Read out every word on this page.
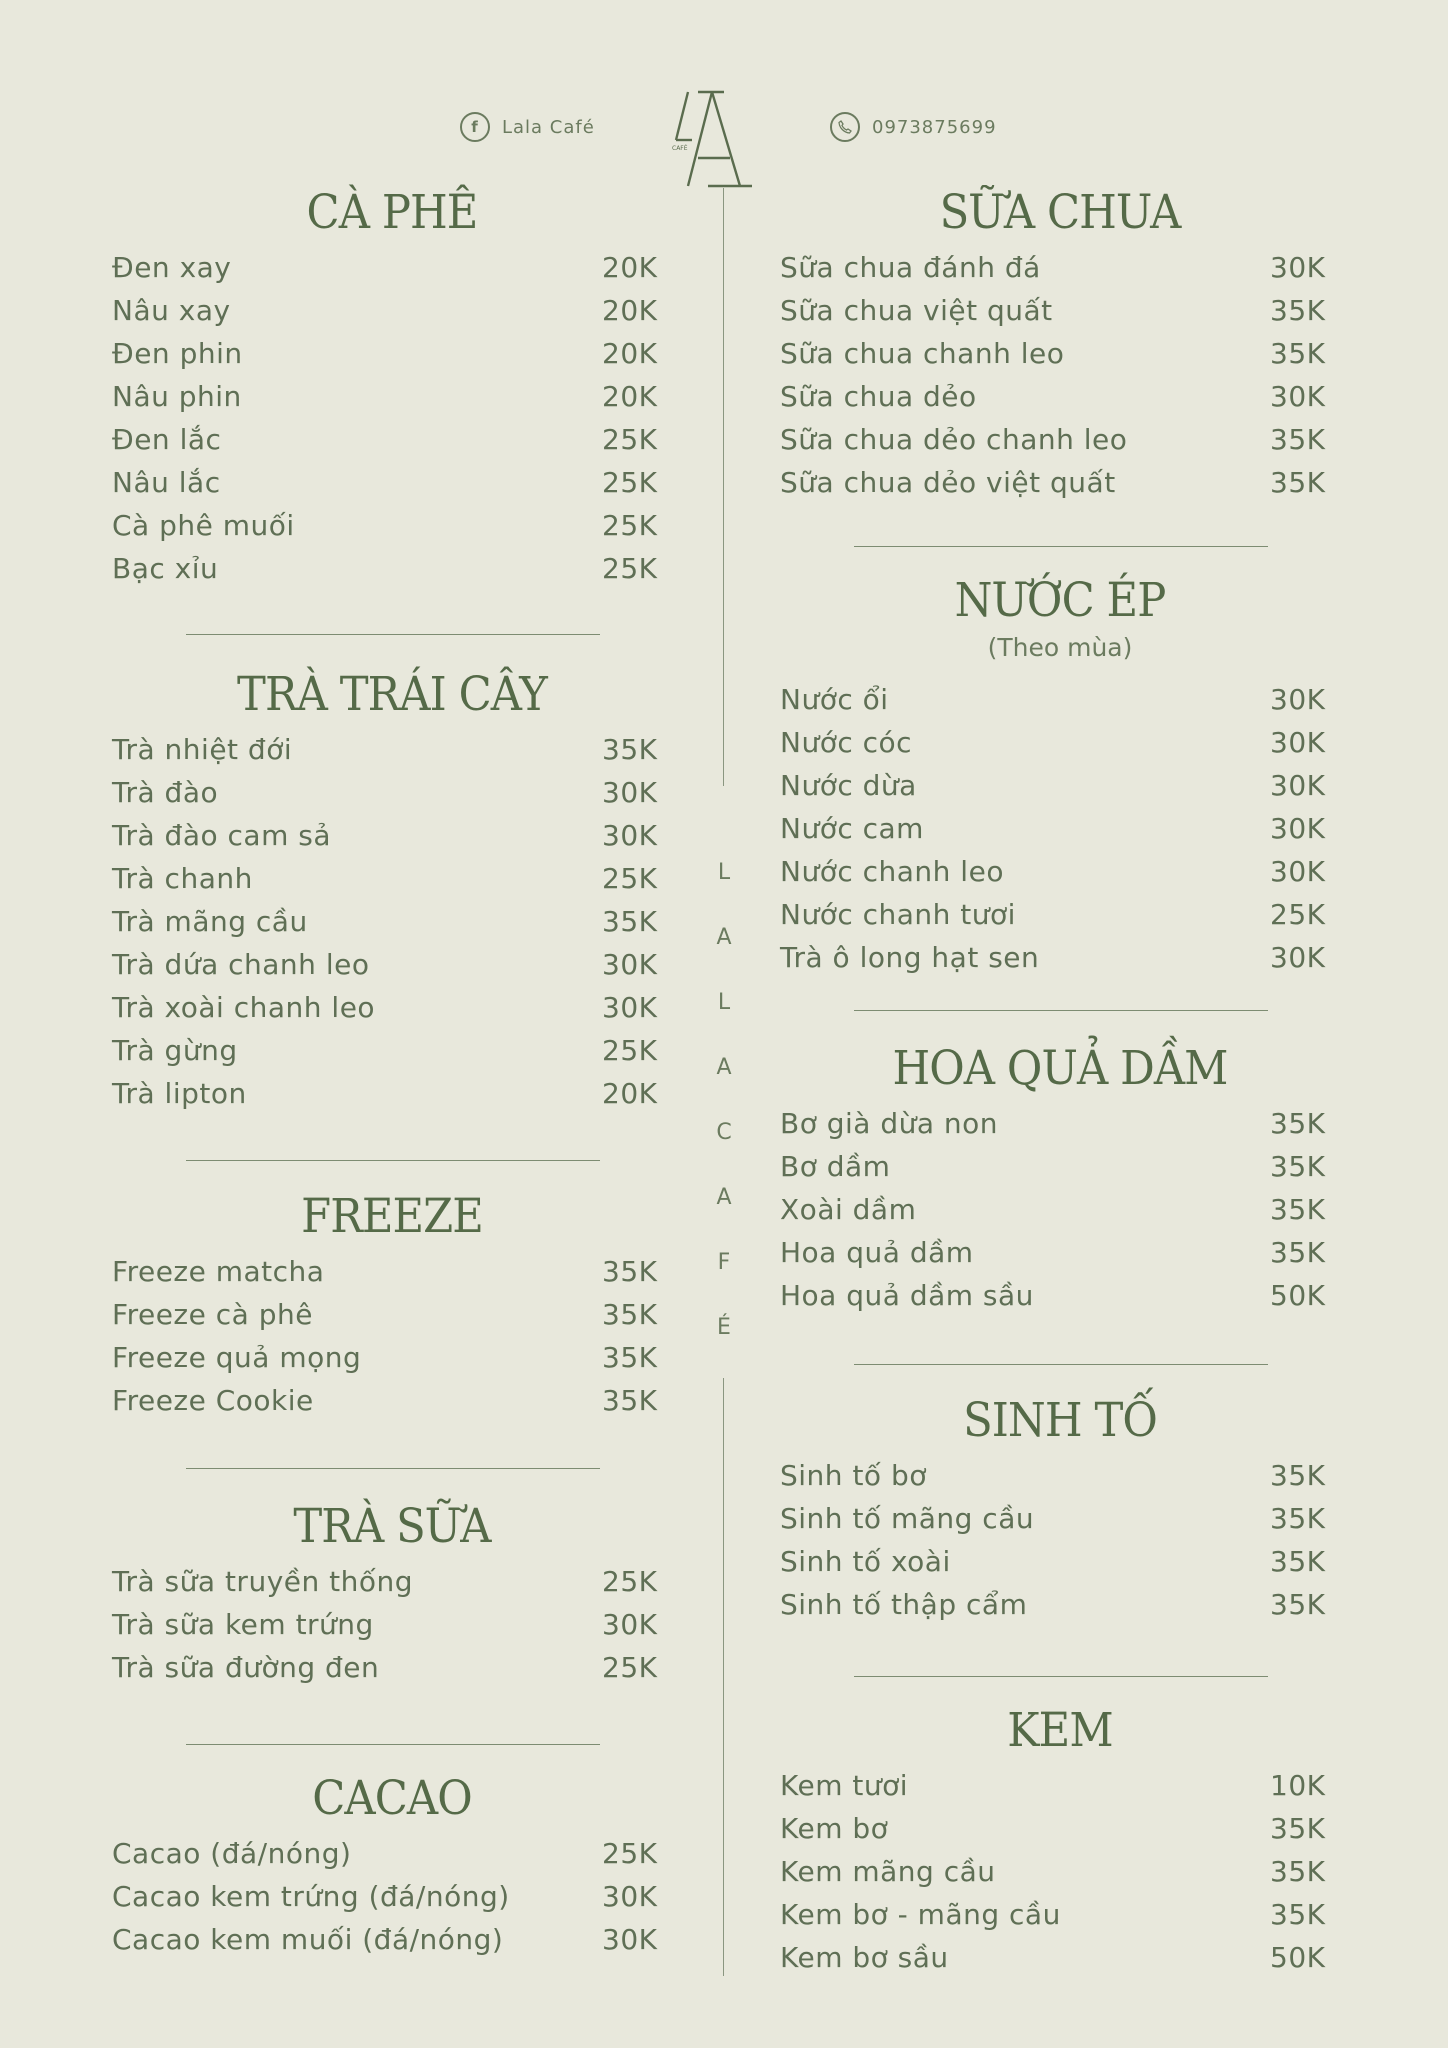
f	Lala Café
CAFÉ
0973875699
L
A
L
A
C
A
F
É
CÀ PHÊ
Đen xay	20K
Nâu xay	20K
Đen phin	20K
Nâu phin	20K
Đen lắc	25K
Nâu lắc	25K
Cà phê muối	25K
Bạc xỉu	25K
TRÀ TRÁI CÂY
Trà nhiệt đới	35K
Trà đào	30K
Trà đào cam sả	30K
Trà chanh	25K
Trà mãng cầu	35K
Trà dứa chanh leo	30K
Trà xoài chanh leo	30K
Trà gừng	25K
Trà lipton	20K
FREEZE
Freeze matcha	35K
Freeze cà phê	35K
Freeze quả mọng	35K
Freeze Cookie	35K
TRÀ SỮA
Trà sữa truyền thống	25K
Trà sữa kem trứng	30K
Trà sữa đường đen	25K
CACAO
Cacao (đá/nóng)	25K
Cacao kem trứng (đá/nóng)	30K
Cacao kem muối (đá/nóng)	30K
SỮA CHUA
Sữa chua đánh đá	30K
Sữa chua việt quất	35K
Sữa chua chanh leo	35K
Sữa chua dẻo	30K
Sữa chua dẻo chanh leo	35K
Sữa chua dẻo việt quất	35K
NƯỚC ÉP
(Theo mùa)
Nước ổi	30K
Nước cóc	30K
Nước dừa	30K
Nước cam	30K
Nước chanh leo	30K
Nước chanh tươi	25K
Trà ô long hạt sen	30K
HOA QUẢ DẦM
Bơ già dừa non	35K
Bơ dầm	35K
Xoài dầm	35K
Hoa quả dầm	35K
Hoa quả dầm sầu	50K
SINH TỐ
Sinh tố bơ	35K
Sinh tố mãng cầu	35K
Sinh tố xoài	35K
Sinh tố thập cẩm	35K
KEM
Kem tươi	10K
Kem bơ	35K
Kem mãng cầu	35K
Kem bơ - mãng cầu	35K
Kem bơ sầu	50K
